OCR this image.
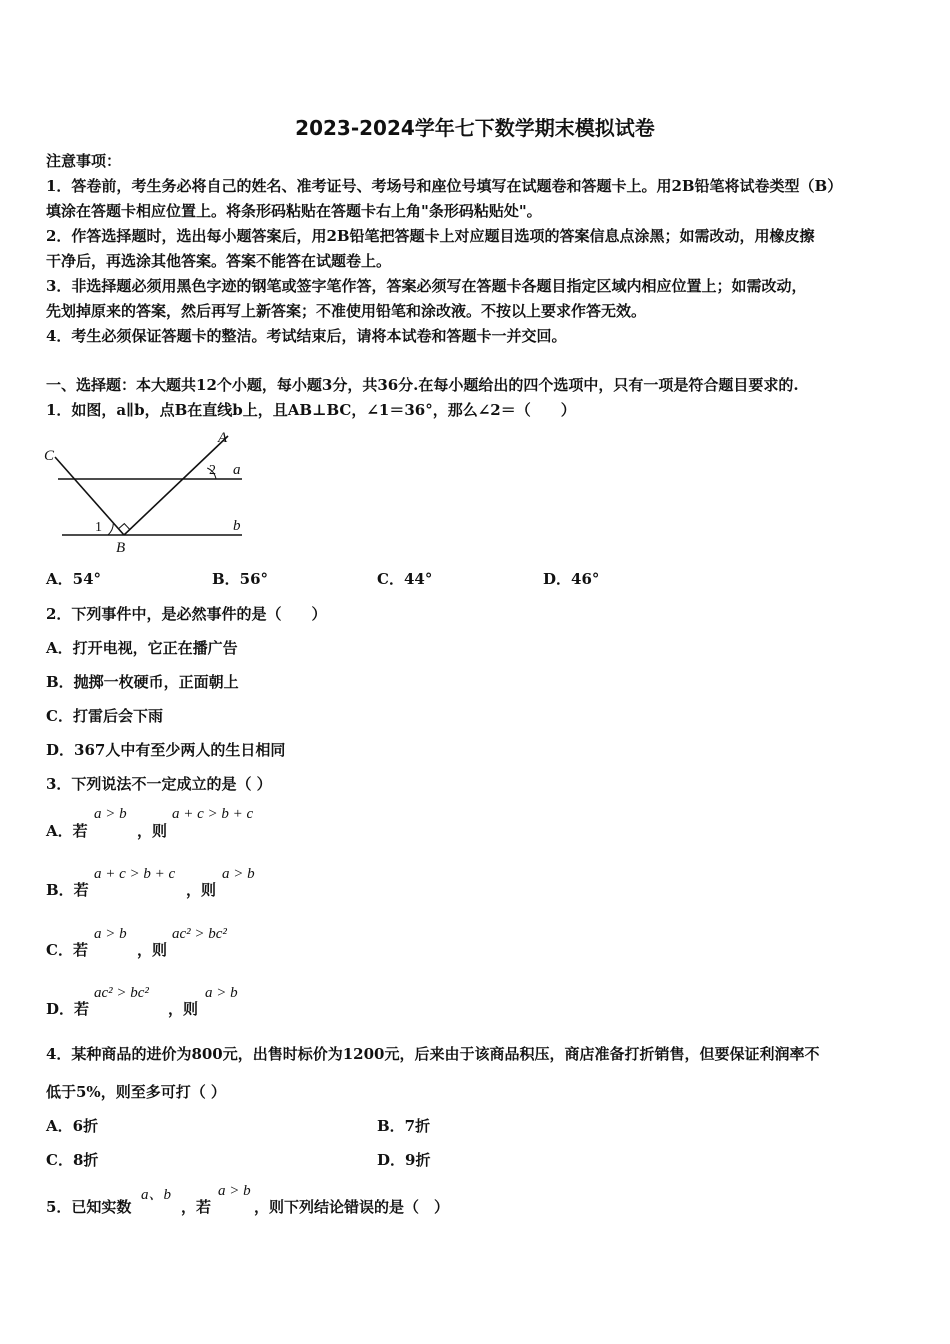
2023-2024学年七下数学期末模拟试卷
注意事项：
1．答卷前，考生务必将自己的姓名、准考证号、考场号和座位号填写在试题卷和答题卡上。用2B铅笔将试卷类型（B）
填涂在答题卡相应位置上。将条形码粘贴在答题卡右上角"条形码粘贴处"。
2．作答选择题时，选出每小题答案后，用2B铅笔把答题卡上对应题目选项的答案信息点涂黑；如需改动，用橡皮擦
干净后，再选涂其他答案。答案不能答在试题卷上。
3．非选择题必须用黑色字迹的钢笔或签字笔作答，答案必须写在答题卡各题目指定区域内相应位置上；如需改动，
先划掉原来的答案，然后再写上新答案；不准使用铅笔和涂改液。不按以上要求作答无效。
4．考生必须保证答题卡的整洁。考试结束后，请将本试卷和答题卡一并交回。
一、选择题：本大题共12个小题，每小题3分，共36分.在每小题给出的四个选项中，只有一项是符合题目要求的.
1．如图，a∥b，点B在直线b上，且AB⊥BC，∠1＝36°，那么∠2＝（　　）
C
A
B
a
b
1
2
A．54°	B．56°	C．44°	D．46°
2．下列事件中，是必然事件的是（　　）
A．打开电视，它正在播广告
B．抛掷一枚硬币，正面朝上
C．打雷后会下雨
D．367人中有至少两人的生日相同
3．下列说法不一定成立的是（ ）
A．若
a > b
，则
a + c > b + c
B．若
a + c > b + c
，则
a > b
C．若
a > b
，则
ac² > bc²
D．若
ac² > bc²
，则
a > b
4．某种商品的进价为800元，出售时标价为1200元，后来由于该商品积压，商店准备打折销售，但要保证利润率不
低于5%，则至多可打（ ）
A．6折	B．7折
C．8折	D．9折
5．已知实数
a、b
，若
a > b
，则下列结论错误的是（　）
